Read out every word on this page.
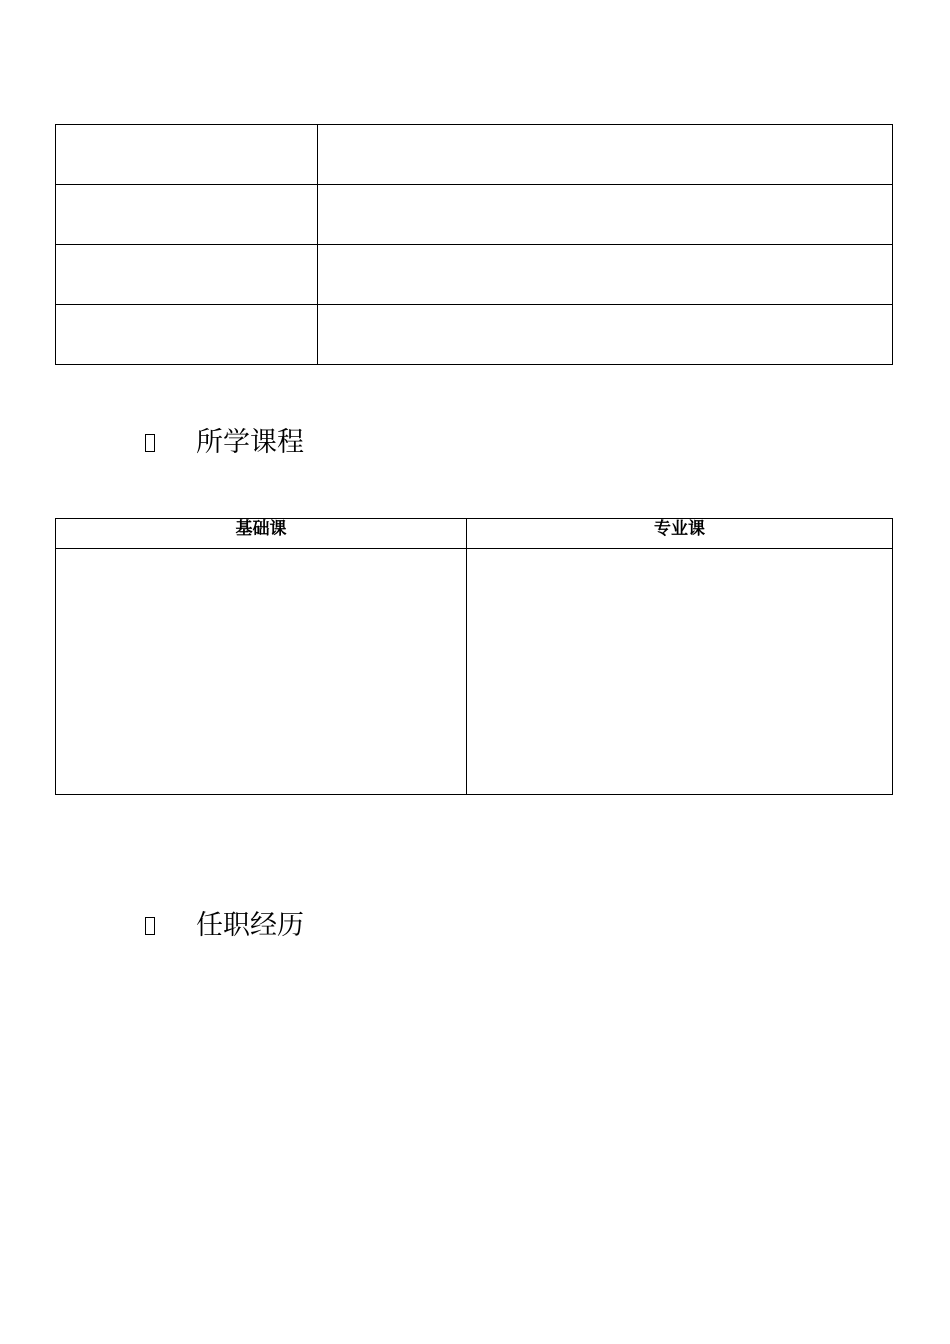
所学课程
基础课	专业课

任职经历
